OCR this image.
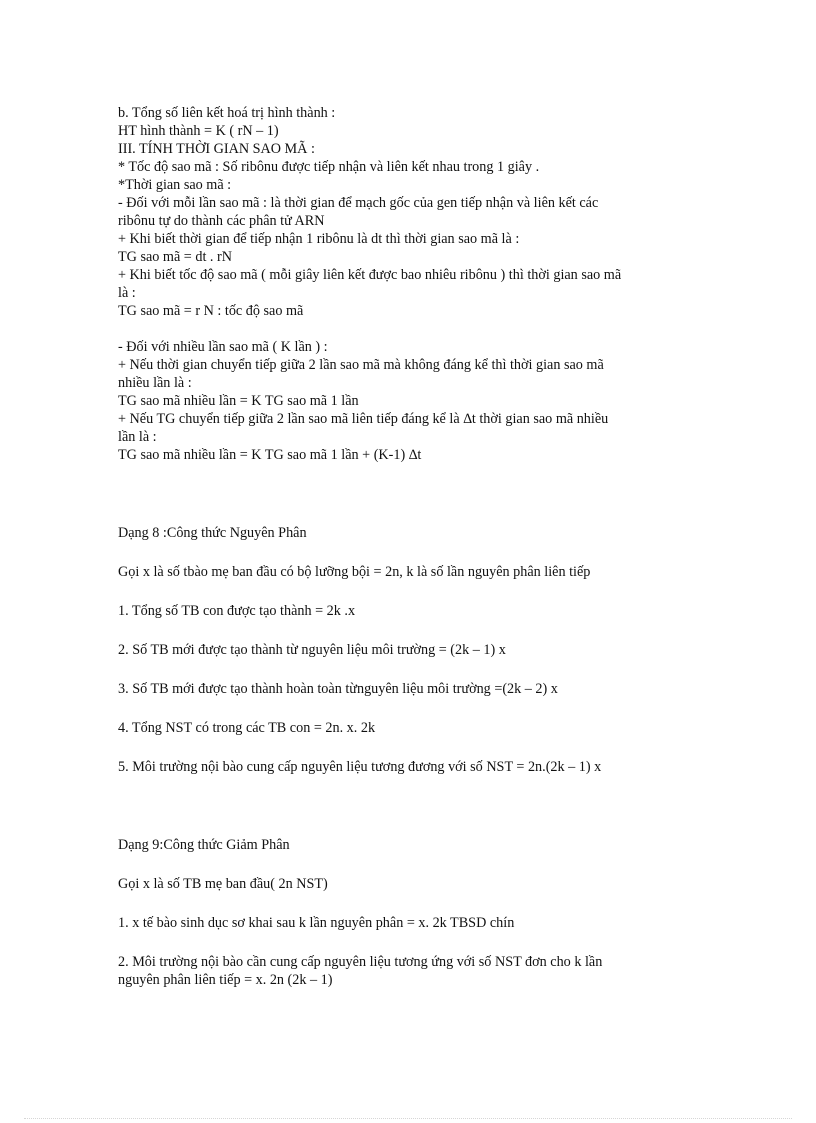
b. Tổng số liên kết hoá trị hình thành :
HT hình thành = K ( rN – 1)
III. TÍNH THỜI GIAN SAO MÃ :
* Tốc độ sao mã : Số ribônu được tiếp nhận và liên kết nhau trong 1 giây .
*Thời gian sao mã :
- Đối với mỗi lần sao mã : là thời gian để mạch gốc của gen tiếp nhận và liên kết các
ribônu tự do thành các phân tử ARN
+ Khi biết thời gian để tiếp nhận 1 ribônu là dt thì thời gian sao mã là :
TG sao mã = dt . rN
+ Khi biết tốc độ sao mã ( mỗi giây liên kết được bao nhiêu ribônu ) thì thời gian sao mã
là :
TG sao mã = r N : tốc độ sao mã
- Đối với nhiều lần sao mã ( K lần ) :
+ Nếu thời gian chuyển tiếp giữa 2 lần sao mã mà không đáng kể thì thời gian sao mã
nhiều lần là :
TG sao mã nhiều lần = K TG sao mã 1 lần
+ Nếu TG chuyển tiếp giữa 2 lần sao mã liên tiếp đáng kể là ∆t thời gian sao mã nhiều
lần là :
TG sao mã nhiều lần = K TG sao mã 1 lần + (K-1) ∆t
Dạng 8 :Công thức Nguyên Phân
Gọi x là số tbào mẹ ban đầu có bộ lưỡng bội = 2n, k là số lần nguyên phân liên tiếp
1. Tổng số TB con được tạo thành = 2k .x
2. Số TB mới được tạo thành từ nguyên liệu môi trường = (2k – 1) x
3. Số TB mới được tạo thành hoàn toàn từnguyên liệu môi trường =(2k – 2) x
4. Tổng NST có trong các TB con = 2n. x. 2k
5. Môi trường nội bào cung cấp nguyên liệu tương đương với số NST = 2n.(2k – 1) x
Dạng 9:Công thức Giảm Phân
Gọi x là số TB mẹ ban đầu( 2n NST)
1. x tế bào sinh dục sơ khai sau k lần nguyên phân = x. 2k TBSD chín
2. Môi trường nội bào cần cung cấp nguyên liệu tương ứng với số NST đơn cho k lần
nguyên phân liên tiếp = x. 2n (2k – 1)
